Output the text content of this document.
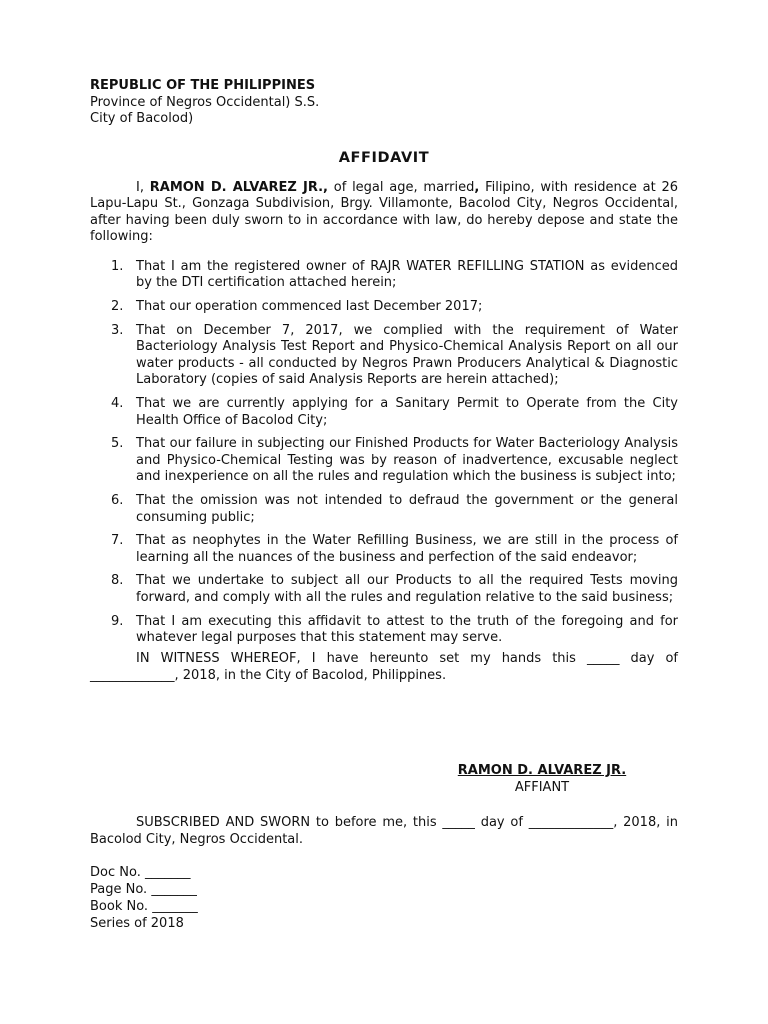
REPUBLIC OF THE PHILIPPINES
Province of Negros Occidental) S.S.
City of Bacolod)
AFFIDAVIT
I, RAMON D. ALVAREZ JR., of legal age, married, Filipino, with residence at 26 Lapu-Lapu St., Gonzaga Subdivision, Brgy. Villamonte, Bacolod City, Negros Occidental, after having been duly sworn to in accordance with law, do hereby depose and state the following:
1. That I am the registered owner of RAJR WATER REFILLING STATION as evidenced by the DTI certification attached herein;
2. That our operation commenced last December 2017;
3. That on December 7, 2017, we complied with the requirement of Water Bacteriology Analysis Test Report and Physico-Chemical Analysis Report on all our water products - all conducted by Negros Prawn Producers Analytical & Diagnostic Laboratory (copies of said Analysis Reports are herein attached);
4. That we are currently applying for a Sanitary Permit to Operate from the City Health Office of Bacolod City;
5. That our failure in subjecting our Finished Products for Water Bacteriology Analysis and Physico-Chemical Testing was by reason of inadvertence, excusable neglect and inexperience on all the rules and regulation which the business is subject into;
6. That the omission was not intended to defraud the government or the general consuming public;
7. That as neophytes in the Water Refilling Business, we are still in the process of learning all the nuances of the business and perfection of the said endeavor;
8. That we undertake to subject all our Products to all the required Tests moving forward, and comply with all the rules and regulation relative to the said business;
9. That I am executing this affidavit to attest to the truth of the foregoing and for whatever legal purposes that this statement may serve.
IN WITNESS WHEREOF, I have hereunto set my hands this _____ day of _____________, 2018, in the City of Bacolod, Philippines.
RAMON D. ALVAREZ JR.
AFFIANT
SUBSCRIBED AND SWORN to before me, this _____ day of _____________, 2018, in Bacolod City, Negros Occidental.
Doc No. _______
Page No. _______
Book No. _______
Series of 2018
